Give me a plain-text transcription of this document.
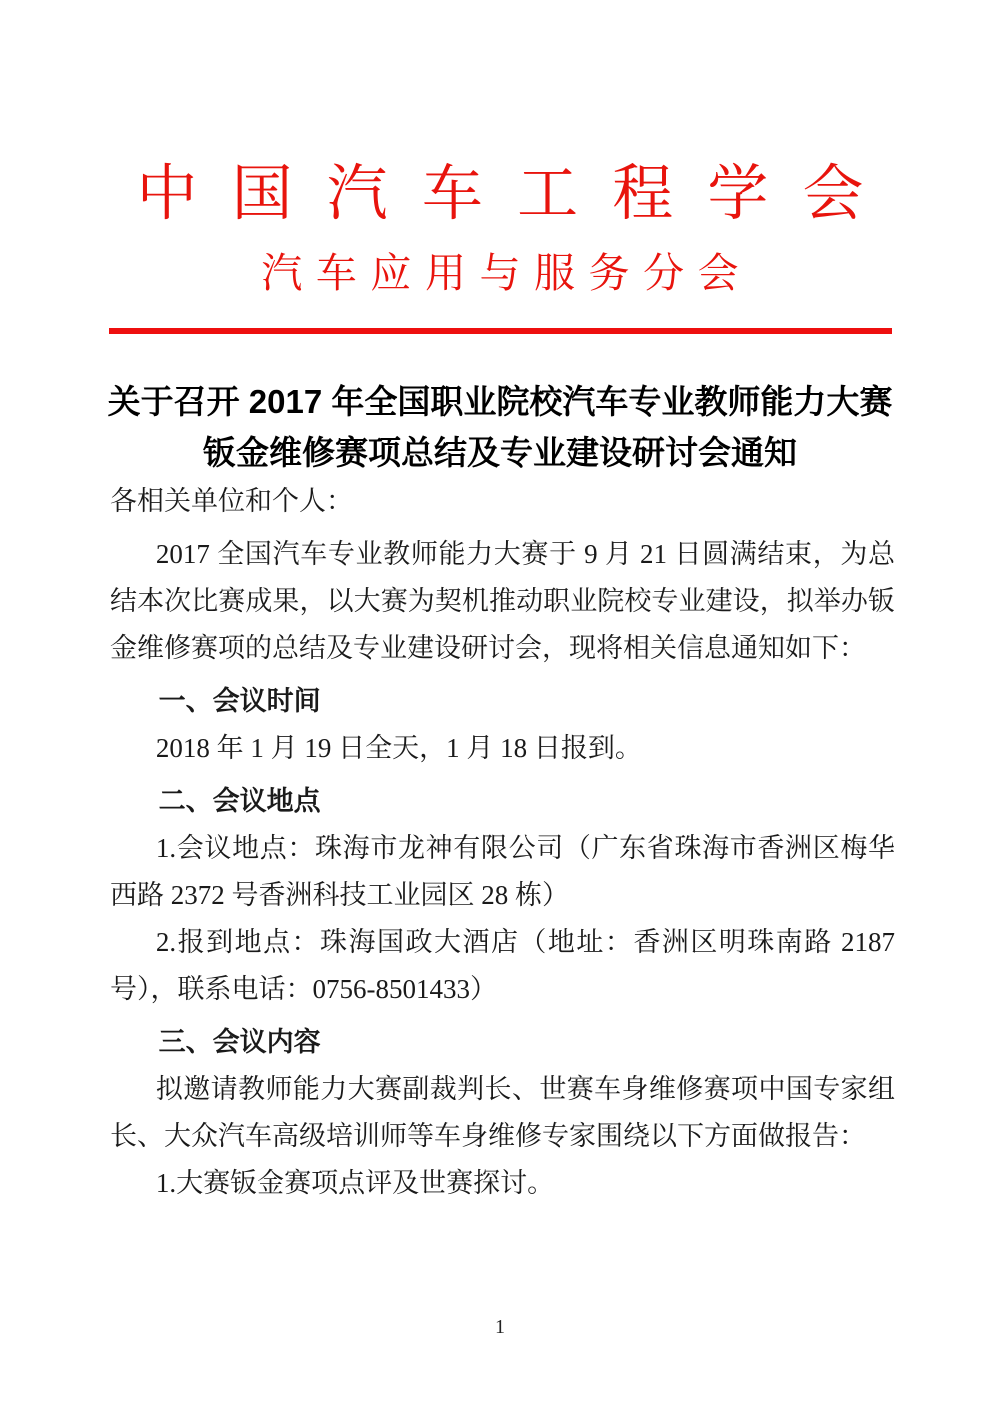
中国汽车工程学会
汽车应用与服务分会
关于召开 2017 年全国职业院校汽车专业教师能力大赛
钣金维修赛项总结及专业建设研讨会通知
各相关单位和个人：
2017 全国汽车专业教师能力大赛于 9 月 21 日圆满结束，为总结本次比赛成果，以大赛为契机推动职业院校专业建设，拟举办钣金维修赛项的总结及专业建设研讨会，现将相关信息通知如下：
一、会议时间
2018 年 1 月 19 日全天，1 月 18 日报到。
二、会议地点
1.会议地点：珠海市龙神有限公司（广东省珠海市香洲区梅华西路 2372 号香洲科技工业园区 28 栋）
2.报到地点：珠海国政大酒店（地址：香洲区明珠南路 2187 号），联系电话：0756-8501433）
三、会议内容
拟邀请教师能力大赛副裁判长、世赛车身维修赛项中国专家组长、大众汽车高级培训师等车身维修专家围绕以下方面做报告：
1.大赛钣金赛项点评及世赛探讨。
1
